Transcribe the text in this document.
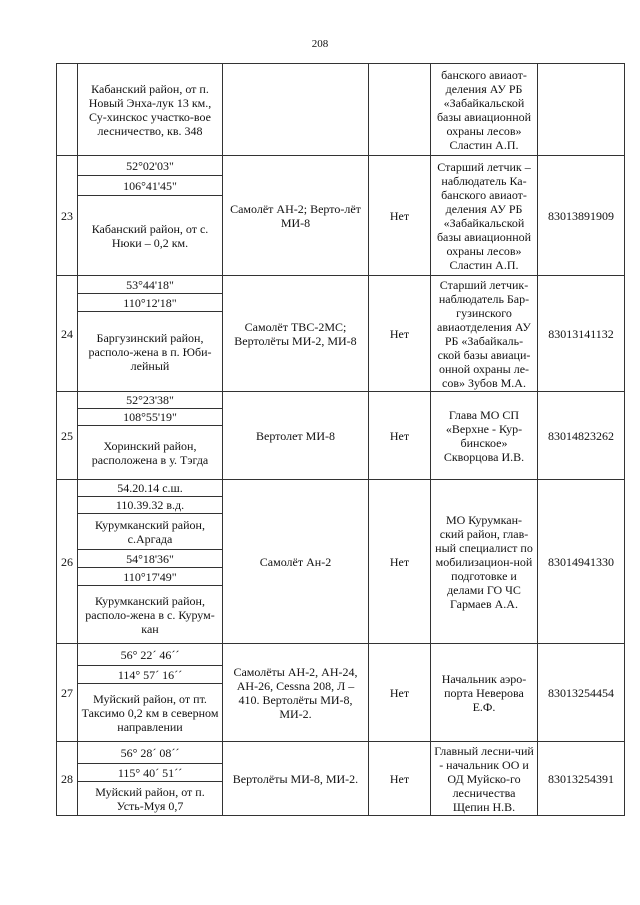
208
	Кабанский район, от п. Новый Энха-лук 13 км., Су-хинскос участко-вое лесничество, кв. 348			банского авиаот-деления АУ РБ «Забайкальской базы авиационной охраны лесов» Сластин А.П.	
23	52°02'03"	Самолёт АН-2; Верто-лёт МИ-8	Нет	Старший летчик – наблюдатель Ка-банского авиаот-деления АУ РБ «Забайкальской базы авиационной охраны лесов» Сластин А.П.	83013891909
	106°41'45"				
	Кабанский район, от с. Нюки – 0,2 км.				
24	53°44'18"	Самолёт ТВС-2МС; Вертолёты МИ-2, МИ-8	Нет	Старший летчик-наблюдатель Бар-гузинского авиаотделения АУ РБ «Забайкаль-ской базы авиаци-онной охраны ле-сов» Зубов М.А.	83013141132
	110°12'18"				
	Баргузинский район, располо-жена в п. Юби-лейный				
25	52°23'38"	Вертолет МИ-8	Нет	Глава МО СП «Верхне - Кур-бинское» Скворцова И.В.	83014823262
	108°55'19"				
	Хоринский район, расположена в у. Тэгда				
26	54.20.14 с.ш.	Самолёт Ан-2	Нет	МО Курумкан-ский район, глав-ный специалист по мобилизацион-ной подготовке и делами ГО ЧС Гармаев А.А.	83014941330
	110.39.32 в.д.				
	Курумканский район, с.Аргада				
	54°18'36"				
	110°17'49"				
	Курумканский район, располо-жена в с. Курум-кан				
27	56° 22´ 46´´	Самолёты АН-2, АН-24, АН-26, Cessna 208, Л – 410. Вертолёты МИ-8, МИ-2.	Нет	Начальник аэро-порта Неверова Е.Ф.	83013254454
	114° 57´ 16´´				
	Муйский район, от пт. Таксимо 0,2 км в северном направлении				
28	56° 28´ 08´´	Вертолёты МИ-8, МИ-2.	Нет	Главный лесни-чий - начальник ОО и ОД Муйско-го лесничества Щепин Н.В.	83013254391
	115° 40´ 51´´				
	Муйский район, от п. Усть-Муя 0,7				
